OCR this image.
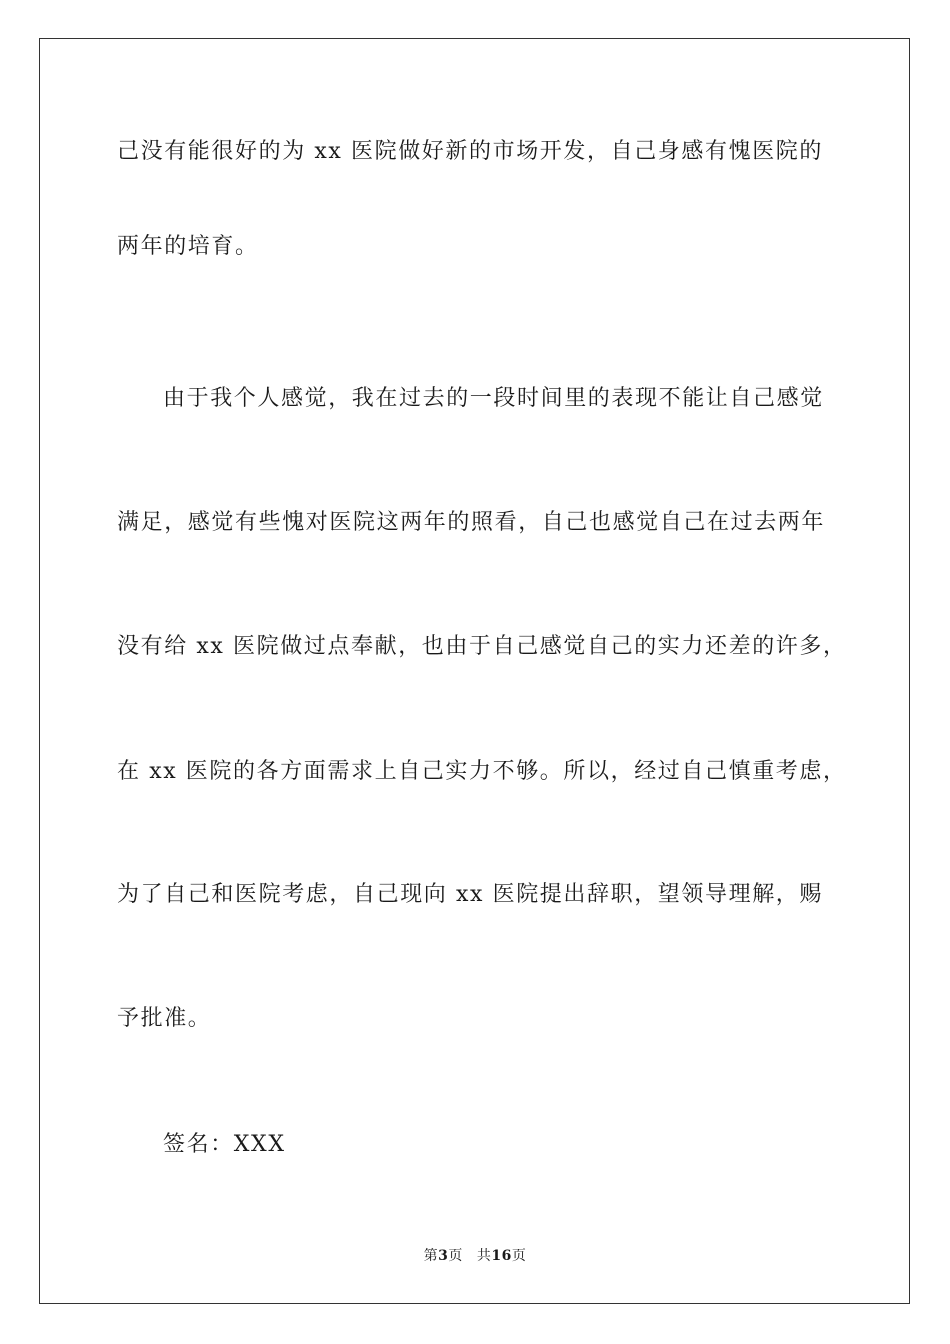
己没有能很好的为 xx 医院做好新的市场开发，自己身感有愧医院的
两年的培育。
由于我个人感觉，我在过去的一段时间里的表现不能让自己感觉
满足，感觉有些愧对医院这两年的照看，自己也感觉自己在过去两年
没有给 xx 医院做过点奉献，也由于自己感觉自己的实力还差的许多，
在 xx 医院的各方面需求上自己实力不够。所以，经过自己慎重考虑，
为了自己和医院考虑，自己现向 xx 医院提出辞职，望领导理解，赐
予批准。
签名：XXX
第3页 共16页
